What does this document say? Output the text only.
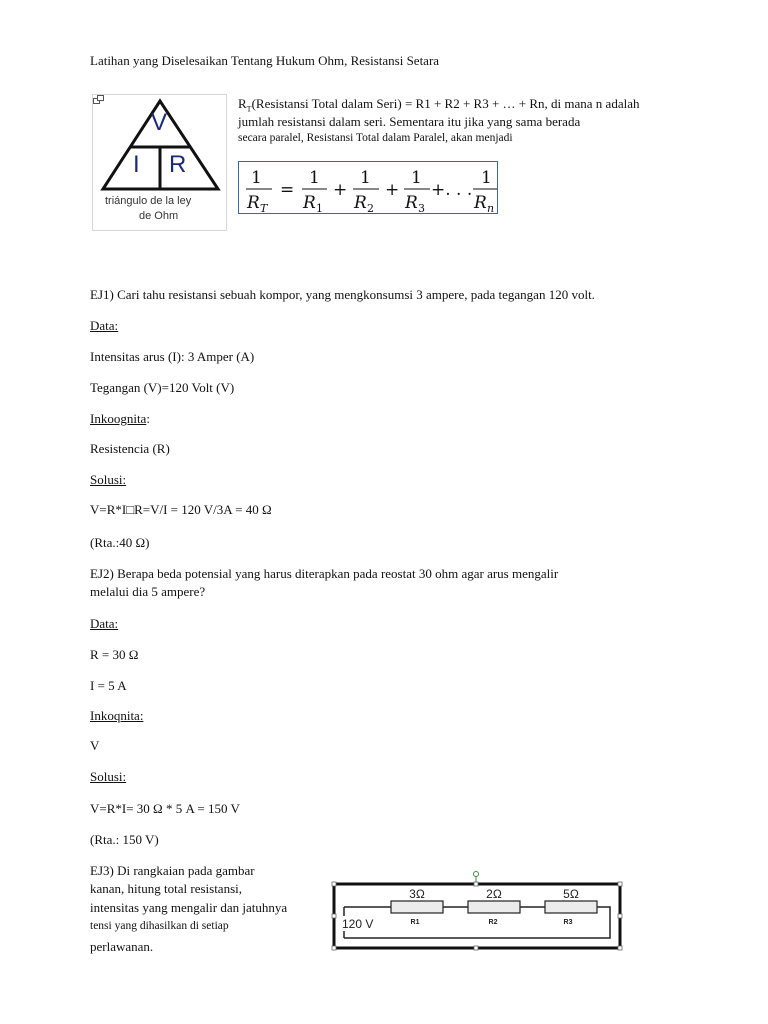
Latihan yang Diselesaikan Tentang Hukum Ohm, Resistansi Setara
V
I R
triángulo de la ley
de Ohm
$R_T(Resistansi$ Total dalam Seri) = R1 + R2 + R3 + … + Rn, di mana n adalah
jumlah resistansi dalam seri. Sementara itu jika yang sama berada
secara paralel, Resistansi Total dalam Paralel, akan menjadi
1
R T
=
1
R 1
+
1
R 2
+
1
R 3
+. . .
1
R n
EJ1) Cari tahu resistansi sebuah kompor, yang mengkonsumsi 3 ampere, pada tegangan 120 volt.
Data:
Intensitas arus (I): 3 Amper (A)
Tegangan (V)=120 Volt (V)
Inkoognita:
Resistencia (R)
Solusi:
V=R*I□R=V/I = 120 V/3A = 40 Ω
(Rta.:40 Ω)
EJ2) Berapa beda potensial yang harus diterapkan pada reostat 30 ohm agar arus mengalir
melalui dia 5 ampere?
Data:
R = 30 Ω
I = 5 A
Inkoqnita:
V
Solusi:
V=R*I= 30 Ω * 5 A = 150 V
(Rta.: 150 V)
EJ3) Di rangkaian pada gambar
kanan, hitung total resistansi,
intensitas yang mengalir dan jatuhnya
tensi yang dihasilkan di setiap
perlawanan.
3Ω	2Ω	5Ω
R1	R2	R3
120 V
